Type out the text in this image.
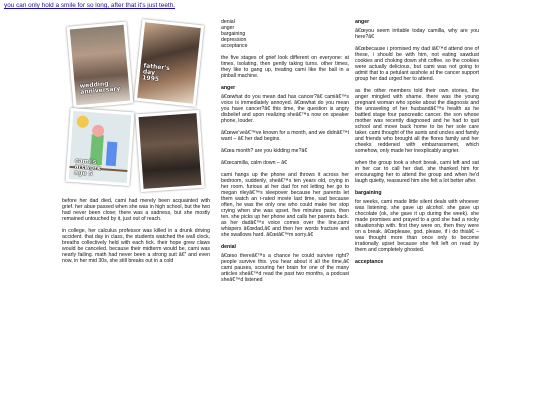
you can only hold a smile for so long, after that it's just teeth.
wedding anniversary
father's day 1995
cami's artwork age 5

before her dad died, cami had merely been acquainted with grief. her abue passed when she was in high school, but the two had never been close; there was a sadness, but she mostly remained untouched by it, just out of reach.

in college, her calculus professor was killed in a drunk driving accident. that day in class, the students watched the wall clock, breaths collectively held with each tick. their hope grew claws would be canceled. because their midterm would be, cami was nearly failing. math had never been a strong suit â€” and even now, in her mid 30s, she still breaks out in a cold

denial
anger
bargaining
depression
acceptance

the five stages of grief look different on everyone: at times, isolating, then gently taking turns. other times, they like to gang up, treating cami like the ball in a pinball machine.

anger

â€œwhat do you mean dad has cancer?â€ camiâ€™s voice is immediately annoyed. â€œwhat do you mean you have cancer?â€ this time, the question is angry disbelief and upon realizing sheâ€™s now on speaker phone, louder.

â€œwe’veâ€™ve known for a month, and we didnâ€™t want – â€ her dad begins.

â€œa month? are you kidding me?â€

â€œcamilla, calm down – â€

cami hangs up the phone and throws it across her bedroom, suddenly, sheâ€™s ten years old, crying in her room. furious at her dad for not letting her go to megan rileyâ€™s sleepover because her parents let them watch an r-rated movie last time, sad because often, he was the only one who could make her stop crying when she was upset. five minutes pass, then ten. she picks up her phone and calls her parents back. as her dadâ€™s voice comes over the line,cami whispers â€œdad,â€ and then her words fracture and she swallows hard. â€œiâ€™m sorry.â€

denial

â€œso thereâ€™s a chance he could survive right? people survive this. you hear about it all the time,â€ cami pauses, scouring her brain for one of the many articles sheâ€™d read the past two months, a podcast sheâ€™d listened

anger

â€œyou seem irritable today camilla, why are you here?â€

â€œbecause i promised my dad iâ€™d attend one of these, i should be with him, not eating sawdust cookies and choking down shit coffee. so the cookies were actually delicious, but cami was not going to admit that to a petulant asshole at the cancer support group her dad urged her to attend.

as the other members told their own stories, the anger mingled with shame. there was the young pregnant woman who spoke about the diagnosis and the unraveling of her husbandâ€™s health as he battled stage four pancreatic cancer. the son whose mother was recently diagnosed and he had to quit school and move back home to be her sole care taker. cami thought of the aunts and uncles and family and friends who brought all the flores family and her cheeks reddened with embarrassment, which somehow, only made her inexplicably angrier.

when the group took a short break, cami left and sat in her car to call her dad. she thanked him for encouraging her to attend the group and when he'd laugh quietly, reassured him she felt a lot better after.

bargaining

for weeks, cami made little silent deals with whoever was listening. she gave up alcohol. she gave up chocolate (ok, she gave it up during the week). she made promises and prayed to a god she had a rocky situationship with. first they were on, then they were on a break. â€œplease, god, please, if i do thisâ€ – was thought more than once only to become irrationally upset because she felt left on read by them and completely ghosted.

acceptance
